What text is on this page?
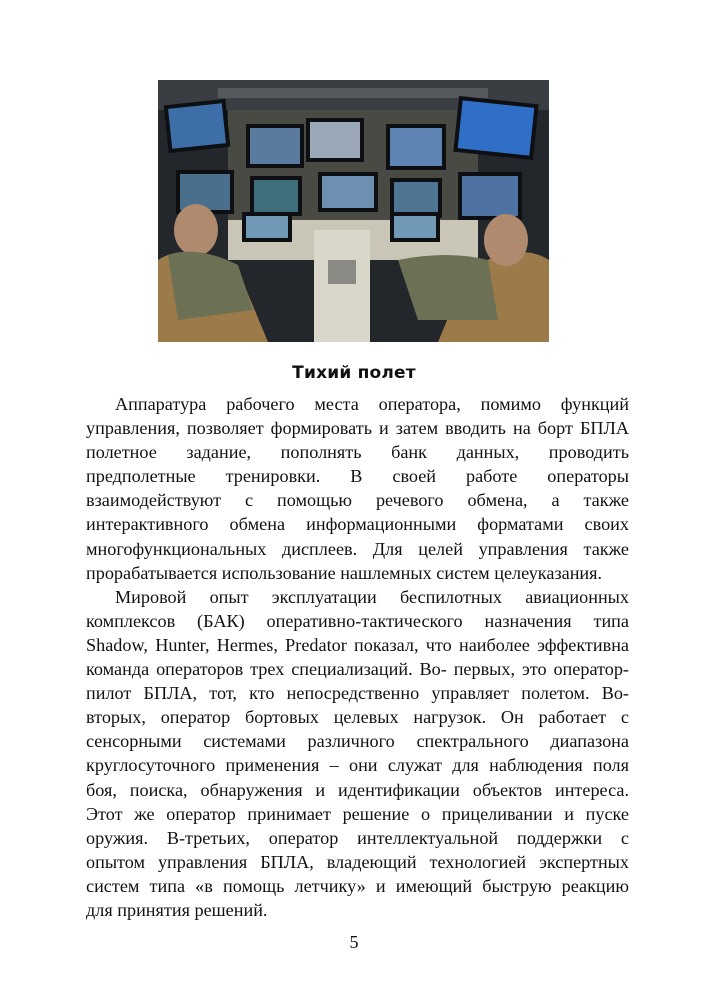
Тихий полет
Аппаратура рабочего места оператора, помимо функций
управления, позволяет формировать и затем вводить на борт БПЛА
полетное задание, пополнять банк данных, проводить
предполетные тренировки. В своей работе операторы
взаимодействуют с помощью речевого обмена, а также
интерактивного обмена информационными форматами своих
многофункциональных дисплеев. Для целей управления также
прорабатывается использование нашлемных систем целеуказания.
Мировой опыт эксплуатации беспилотных авиационных
комплексов (БАК) оперативно-тактического назначения типа
Shadow, Hunter, Hermes, Predator показал, что наиболее эффективна
команда операторов трех специализаций. Во- первых, это оператор-
пилот БПЛА, тот, кто непосредственно управляет полетом. Во-
вторых, оператор бортовых целевых нагрузок. Он работает с
сенсорными системами различного спектрального диапазона
круглосуточного применения – они служат для наблюдения поля
боя, поиска, обнаружения и идентификации объектов интереса.
Этот же оператор принимает решение о прицеливании и пуске
оружия. В-третьих, оператор интеллектуальной поддержки с
опытом управления БПЛА, владеющий технологией экспертных
систем типа «в помощь летчику» и имеющий быструю реакцию
для принятия решений.
5
